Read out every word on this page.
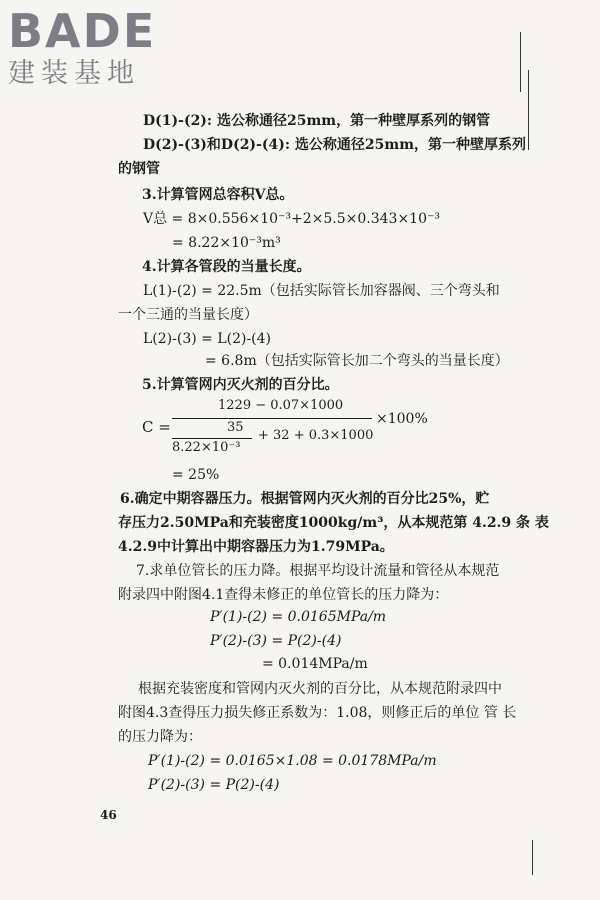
BADE
建装基地
D(1)-(2): 选公称通径25mm，第一种壁厚系列的钢管
D(2)-(3)和D(2)-(4): 选公称通径25mm，第一种壁厚系列
的钢管
3.计算管网总容积V总。
V总 = 8×0.556×10⁻³+2×5.5×0.343×10⁻³
= 8.22×10⁻³m³
4.计算各管段的当量长度。
L(1)-(2) = 22.5m（包括实际管长加容器阀、三个弯头和
一个三通的当量长度）
L(2)-(3) = L(2)-(4)
= 6.8m（包括实际管长加二个弯头的当量长度）
5.计算管网内灭火剂的百分比。
C =
1229 − 0.07×1000
35
8.22×10⁻³
+ 32 + 0.3×1000
×100%
= 25%
6.确定中期容器压力。根据管网内灭火剂的百分比25%，贮
存压力2.50MPa和充装密度1000kg/m³，从本规范第 4.2.9 条 表
4.2.9中计算出中期容器压力为1.79MPa。
7.求单位管长的压力降。根据平均设计流量和管径从本规范
附录四中附图4.1查得未修正的单位管长的压力降为：
P′(1)-(2) = 0.0165MPa/m
P′(2)-(3) = P(2)-(4)
= 0.014MPa/m
根据充装密度和管网内灭火剂的百分比，从本规范附录四中
附图4.3查得压力损失修正系数为：1.08，则修正后的单位 管 长
的压力降为：
P′(1)-(2) = 0.0165×1.08 = 0.0178MPa/m
P′(2)-(3) = P(2)-(4)
46
